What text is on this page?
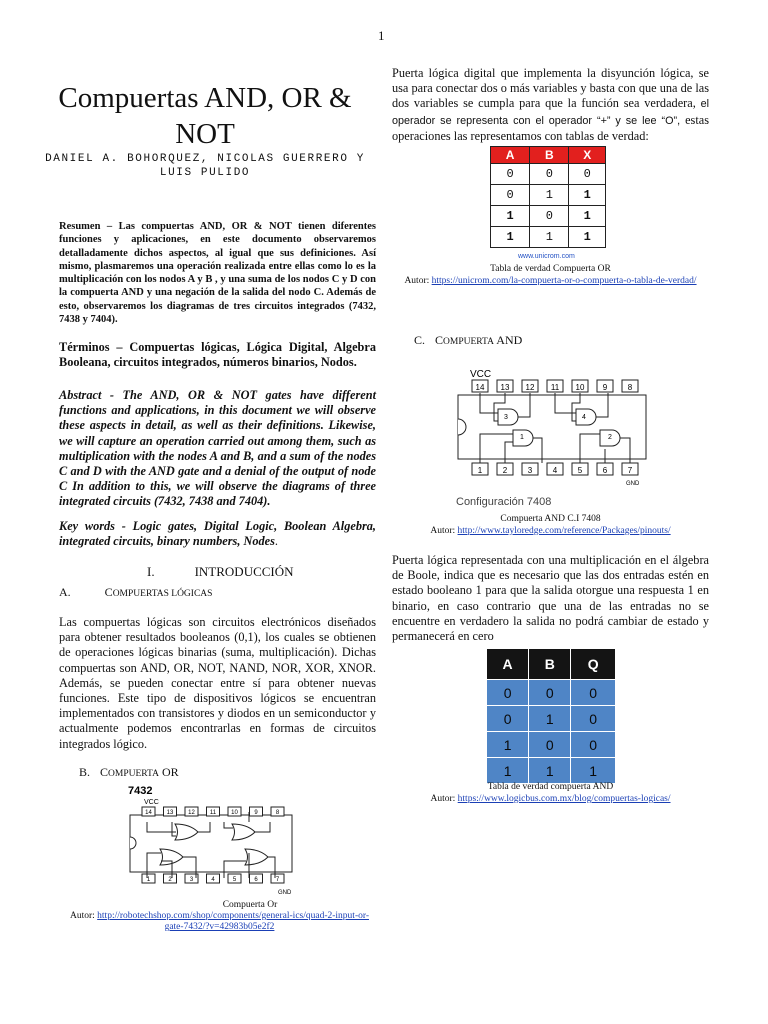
1
Compuertas AND, OR & NOT
DANIEL A. BOHORQUEZ, NICOLAS GUERRERO Y LUIS PULIDO
Resumen – Las compuertas AND, OR & NOT tienen diferentes funciones y aplicaciones, en este documento observaremos detalladamente dichos aspectos, al igual que sus definiciones. Así mismo, plasmaremos una operación realizada entre ellas como lo es la multiplicación con los nodos A y B , y una suma de los nodos C y D con la compuerta AND y una negación de la salida del nodo C. Además de esto, observaremos los diagramas de tres circuitos integrados (7432, 7438 y 7404).
Términos – Compuertas lógicas, Lógica Digital, Algebra Booleana, circuitos integrados, números binarios, Nodos.
Abstract - The AND, OR & NOT gates have different functions and applications, in this document we will observe these aspects in detail, as well as their definitions. Likewise, we will capture an operation carried out among them, such as multiplication with the nodes A and B, and a sum of the nodes C and D with the AND gate and a denial of the output of node C In addition to this, we will observe the diagrams of three integrated circuits (7432, 7438 and 7404).
Key words - Logic gates, Digital Logic, Boolean Algebra, integrated circuits, binary numbers, Nodes.
I.	INTRODUCCIÓN
A.	COMPUERTAS LÓGICAS
Las compuertas lógicas son circuitos electrónicos diseñados para obtener resultados booleanos (0,1), los cuales se obtienen de operaciones lógicas binarias (suma, multiplicación). Dichas compuertas son AND, OR, NOT, NAND, NOR, XOR, XNOR. Además, se pueden conectar entre sí para obtener nuevas funciones. Este tipo de dispositivos lógicos se encuentran implementados con transistores y diodos en un semiconductor y actualmente podemos encontrarlas en formas de circuitos integrados lógico.
B. COMPUERTA OR
7432
VCC
14 13 12	11	10	9	8
1	2	3	4	5	6	7
GND
Compuerta Or
Autor: http://robotechshop.com/shop/components/general-ics/quad-2-input-or-
gate-7432/?v=42983b05e2f2
Puerta lógica digital que implementa la disyunción lógica, se usa para conectar dos o más variables y basta con que una de las dos variables se cumpla para que la función sea verdadera, el operador se representa con el operador “+” y se lee “O”, estas operaciones las representamos con tablas de verdad:
A	B	X
0	0	0
0	1	1
1	0	1
1	1	1
www.unicrom.com
Tabla de verdad Compuerta OR
Autor: https://unicrom.com/la-compuerta-or-o-compuerta-o-tabla-de-verdad/
C. COMPUERTA AND
VCC
14 13 12 11 10 9	8
1	2	3	4	5	6	7
1	2
3	4
GND
Configuración 7408
Compuerta AND C.I 7408
Autor: http://www.tayloredge.com/reference/Packages/pinouts/
Puerta lógica representada con una multiplicación en el álgebra de Boole, indica que es necesario que las dos entradas estén en estado booleano 1 para que la salida otorgue una respuesta 1 en binario, en caso contrario que una de las entradas no se encuentre en verdadero la salida no podrá cambiar de estado y permanecerá en cero
A	B	Q
0	0	0
0	1	0
1	0	0
1	1	1
Tabla de verdad compuerta AND
Autor: https://www.logicbus.com.mx/blog/compuertas-logicas/
